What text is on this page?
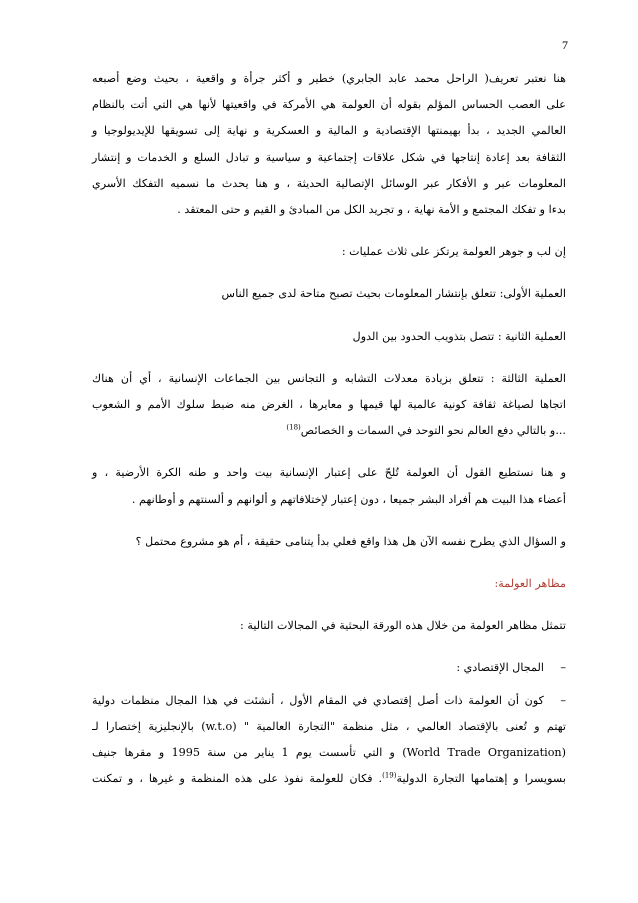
7

هنا نعتبر تعريف( الراحل محمد عابد الجابري) خطير و أكثر جرأة و واقعية ، بحيث وضع أصبعه

على العصب الحساس المؤلم بقوله أن العولمة هي الأمركة في واقعيتها لأنها هي التي أتت بالنظام

العالمي الجديد ، بدأ بهيمنتها الإقتصادية و المالية و العسكرية و نهاية إلى تسويقها للإيديولوجيا و

الثقافة بعد إعادة إنتاجها في شكل علاقات إجتماعية و سياسية و تبادل السلع و الخدمات و إنتشار

المعلومات عبر و الأفكار عبر الوسائل الإتصالية الحديثة ، و هنا يحدث ما نسميه التفكك الأسري

بدءا و تفكك المجتمع و الأمة نهاية ، و تجريد الكل من المبادئ و القيم و حتى المعتقد .

إن لب و جوهر العولمة يرتكز على ثلاث عمليات :

العملية الأولى: تتعلق بإنتشار المعلومات بحيث تصبح متاحة لدى جميع الناس

العملية الثانية : تتصل بتذويب الحدود بين الدول

العملية الثالثة : تتعلق بزيادة معدلات التشابه و التجانس بين الجماعات الإنسانية ، أي أن هناك

اتجاها لصياغة ثقافة كونية عالمية لها قيمها و معايرها ، الغرض منه ضبط سلوك الأمم و الشعوب

...و بالتالي دفع العالم نحو التوحد في السمات و الخصائص$^{(18)}$

و هنا نستطيع القول أن العولمة تُلحّ على إعتبار الإنسانية بيت واحد و طنه الكرة الأرضية ، و

أعضاء هذا البيت هم أفراد البشر جميعا ، دون إعتبار لإختلافاتهم و ألوانهم و ألسنتهم و أوطانهم .

و السؤال الذي يطرح نفسه الآن هل هذا واقع فعلي بدأ يتنامى حقيقة ، أم هو مشروع محتمل ؟

مظاهر العولمة:

تتمثل مظاهر العولمة من خلال هذه الورقة البحثية في المجالات التالية :

–
المجال الإقتصادي :

–
كون أن العولمة ذات أصل إقتصادي في المقام الأول ، أنشئت في هذا المجال منظمات دولية

تهتم و تُعنى بالإقتصاد العالمي ، مثل منظمة "التجارة العالمية " (w.t.o) بالإنجليزية إختصارا لـ

(World Trade Organization) و التي تأسست يوم 1 يناير من سنة 1995 و مقرها جنيف

بسويسرا و إهتمامها التجارة الدولية$^{(19)}$. فكان للعولمة نفوذ على هذه المنظمة و غيرها ، و تمكنت
